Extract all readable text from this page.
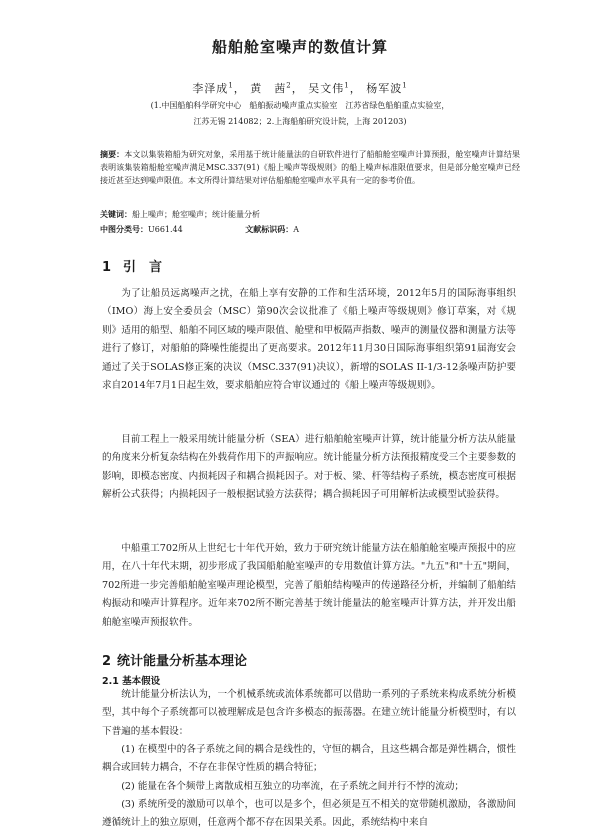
船舶舱室噪声的数值计算
李泽成$^1$， 黄　茜$^2$， 吴文伟$^1$， 杨军波$^1$
(1.中国船舶科学研究中心　船舶振动噪声重点实验室　江苏省绿色船舶重点实验室，
江苏无锡 214082；2.上海船舶研究设计院，上海 201203)
摘要：本文以集装箱船为研究对象，采用基于统计能量法的自研软件进行了船舶舱室噪声计算预报，舱室噪声计算结果表明该集装箱船舱室噪声满足MSC.337(91)《船上噪声等级规则》的船上噪声标准限值要求，但是部分舱室噪声已经接近甚至达到噪声限值。本文所得计算结果对评估船舶舱室噪声水平具有一定的参考价值。
关键词：船上噪声；舱室噪声；统计能量分析
中图分类号：U661.44	文献标识码：A
1 引　言
为了让船员远离噪声之扰，在船上享有安静的工作和生活环境，2012年5月的国际海事组织（IMO）海上安全委员会（MSC）第90次会议批准了《船上噪声等级规则》修订草案，对《规则》适用的船型、船舶不同区域的噪声限值、舱壁和甲板隔声指数、噪声的测量仪器和测量方法等进行了修订，对船舶的降噪性能提出了更高要求。2012年11月30日国际海事组织第91届海安会通过了关于SOLAS修正案的决议（MSC.337(91)决议），新增的SOLAS II-1/3-12条噪声防护要求自2014年7月1日起生效，要求船舶应符合审议通过的《船上噪声等级规则》。
目前工程上一般采用统计能量分析（SEA）进行船舶舱室噪声计算，统计能量分析方法从能量的角度来分析复杂结构在外载荷作用下的声振响应。统计能量分析方法预报精度受三个主要参数的影响，即模态密度、内损耗因子和耦合损耗因子。对于板、梁、杆等结构子系统，模态密度可根据解析公式获得；内损耗因子一般根据试验方法获得；耦合损耗因子可用解析法或模型试验获得。
中船重工702所从上世纪七十年代开始，致力于研究统计能量方法在船舶舱室噪声预报中的应用，在八十年代末期，初步形成了我国船舶舱室噪声的专用数值计算方法。"九五"和"十五"期间，702所进一步完善船舶舱室噪声理论模型，完善了船舶结构噪声的传递路径分析，并编制了船舶结构振动和噪声计算程序。近年来702所不断完善基于统计能量法的舱室噪声计算方法，并开发出船舶舱室噪声预报软件。
2 统计能量分析基本理论
2.1 基本假设
统计能量分析法认为，一个机械系统或流体系统都可以借助一系列的子系统来构成系统分析模型，其中每个子系统都可以被理解成是包含许多模态的振荡器。在建立统计能量分析模型时，有以下普遍的基本假设：
(1) 在模型中的各子系统之间的耦合是线性的，守恒的耦合，且这些耦合都是弹性耦合，惯性耦合或回转力耦合，不存在非保守性质的耦合特征；
(2) 能量在各个频带上离散成相互独立的功率流，在子系统之间并行不悖的流动；
(3) 系统所受的激励可以单个，也可以是多个，但必须是互不相关的宽带随机激励，各激励间遵循统计上的独立原则，任意两个都不存在因果关系。因此，系统结构中来自
